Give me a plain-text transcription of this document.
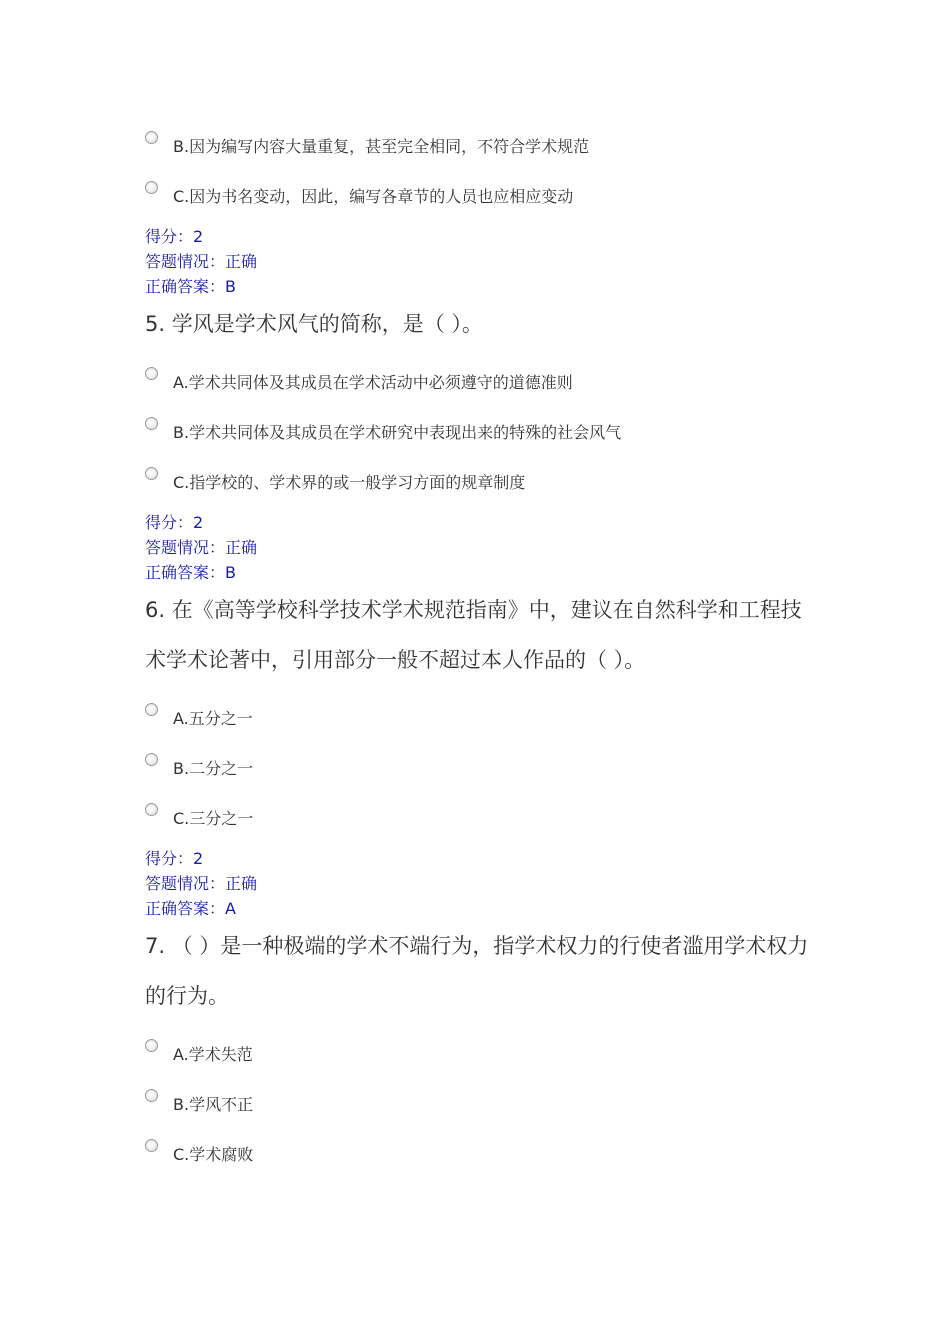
B.因为编写内容大量重复，甚至完全相同，不符合学术规范
C.因为书名变动，因此，编写各章节的人员也应相应变动
得分：2
答题情况：正确
正确答案：B
5. 学风是学术风气的简称，是（ ）。
A.学术共同体及其成员在学术活动中必须遵守的道德准则
B.学术共同体及其成员在学术研究中表现出来的特殊的社会风气
C.指学校的、学术界的或一般学习方面的规章制度
得分：2
答题情况：正确
正确答案：B
6. 在《高等学校科学技术学术规范指南》中，建议在自然科学和工程技术学术论著中，引用部分一般不超过本人作品的（ ）。
A.五分之一
B.二分之一
C.三分之一
得分：2
答题情况：正确
正确答案：A
7. （ ）是一种极端的学术不端行为，指学术权力的行使者滥用学术权力的行为。
A.学术失范
B.学风不正
C.学术腐败
